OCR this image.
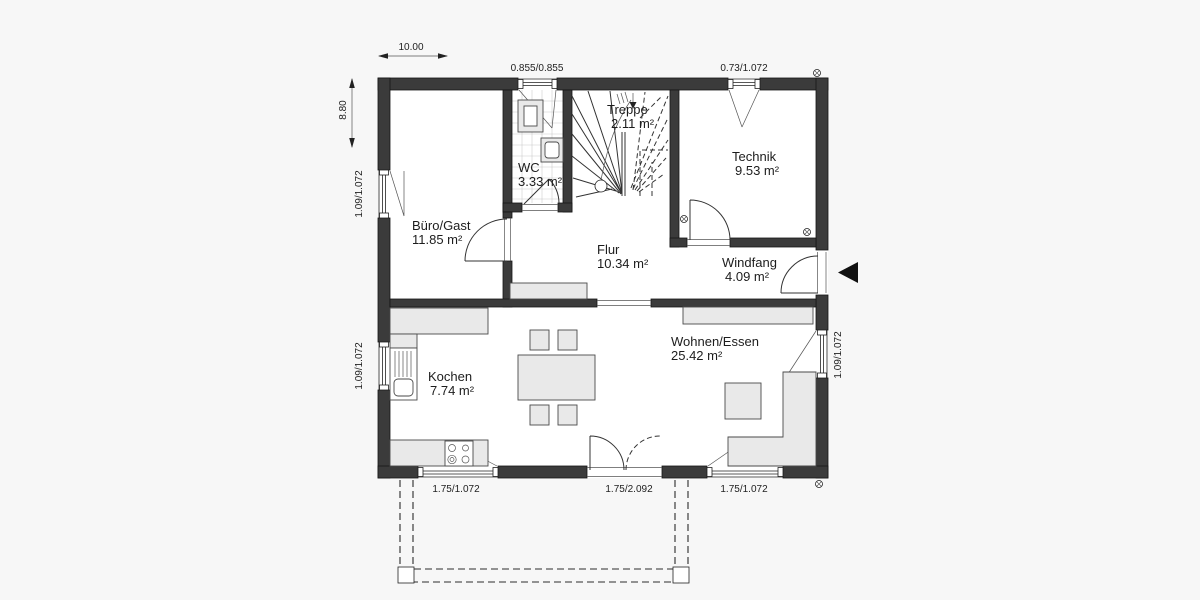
10.00
8.80
0.855/0.855	0.73/1.072
1.09/1.072
1.09/1.072	1.09/1.072
1.75/1.072	1.75/2.092	1.75/1.072
Büro/Gast
11.85 m²
WC
3.33 m²
Treppe
2.11 m²
Technik
9.53 m²
Flur
10.34 m²	Windfang
4.09 m²
Kochen
7.74 m²
Wohnen/Essen
25.42 m²
